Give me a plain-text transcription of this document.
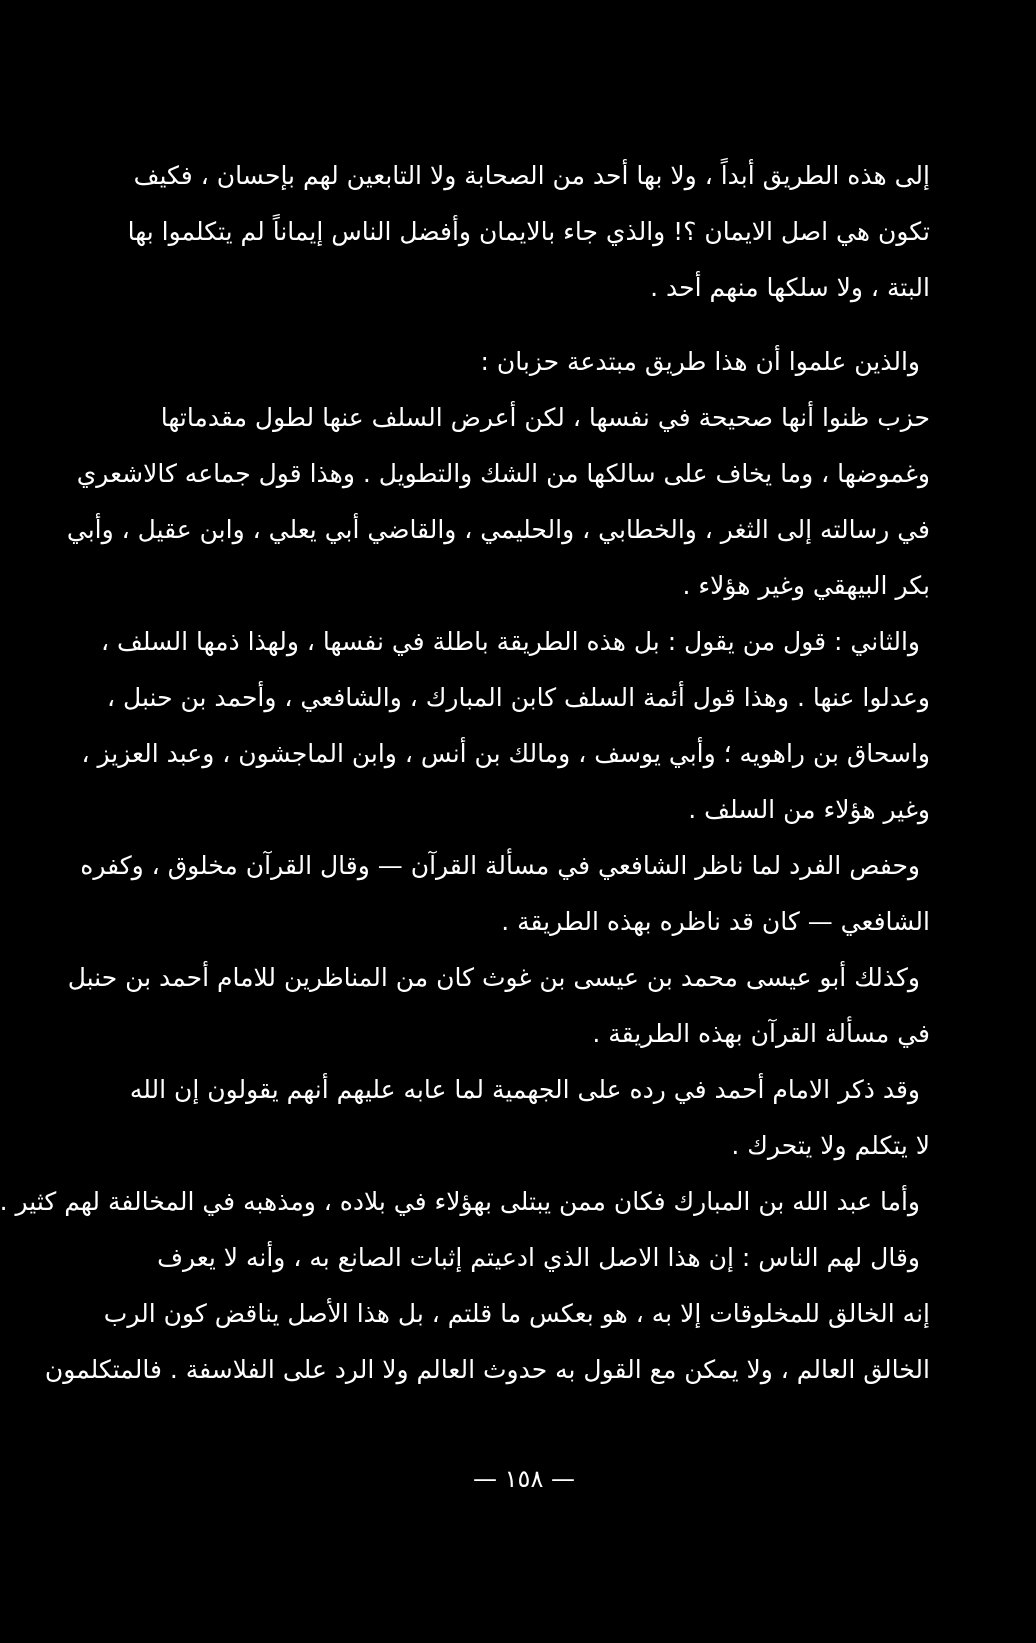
إلى هذه الطريق أبداً ، ولا بها أحد من الصحابة ولا التابعين لهم بإحسان ، فكيف
تكون هي اصل الايمان ؟! والذي جاء بالايمان وأفضل الناس إيماناً لم يتكلموا بها
البتة ، ولا سلكها منهم أحد .
والذين علموا أن هذا طريق مبتدعة حزبان :
حزب ظنوا أنها صحيحة في نفسها ، لكن أعرض السلف عنها لطول مقدماتها
وغموضها ، وما يخاف على سالكها من الشك والتطويل . وهذا قول جماعه كالاشعري
في رسالته إلى الثغر ، والخطابي ، والحليمي ، والقاضي أبي يعلي ، وابن عقيل ، وأبي
بكر البيهقي وغير هؤلاء .
والثاني : قول من يقول : بل هذه الطريقة باطلة في نفسها ، ولهذا ذمها السلف ،
وعدلوا عنها . وهذا قول أئمة السلف كابن المبارك ، والشافعي ، وأحمد بن حنبل ،
واسحاق بن راهويه ؛ وأبي يوسف ، ومالك بن أنس ، وابن الماجشون ، وعبد العزيز ،
وغير هؤلاء من السلف .
وحفص الفرد لما ناظر الشافعي في مسألة القرآن — وقال القرآن مخلوق ، وكفره
الشافعي — كان قد ناظره بهذه الطريقة .
وكذلك أبو عيسى محمد بن عيسى بن غوث كان من المناظرين للامام أحمد بن حنبل
في مسألة القرآن بهذه الطريقة .
وقد ذكر الامام أحمد في رده على الجهمية لما عابه عليهم أنهم يقولون إن الله
لا يتكلم ولا يتحرك .
وأما عبد الله بن المبارك فكان ممن يبتلى بهؤلاء في بلاده ، ومذهبه في المخالفة لهم كثير .
وقال لهم الناس : إن هذا الاصل الذي ادعيتم إثبات الصانع به ، وأنه لا يعرف
إنه الخالق للمخلوقات إلا به ، هو بعكس ما قلتم ، بل هذا الأصل يناقض كون الرب
الخالق العالم ، ولا يمكن مع القول به حدوث العالم ولا الرد على الفلاسفة . فالمتكلمون
— ١٥٨ —
